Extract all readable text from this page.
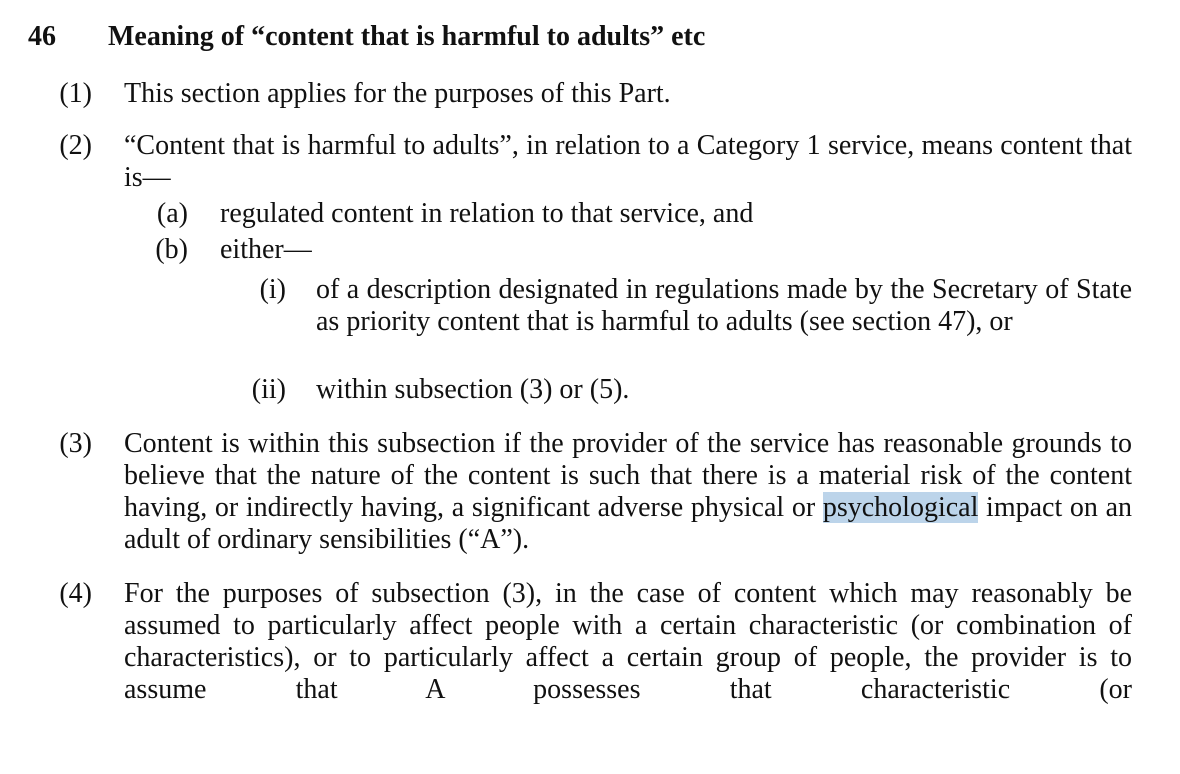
46 Meaning of “content that is harmful to adults” etc
(1) This section applies for the purposes of this Part.
(2) “Content that is harmful to adults”, in relation to a Category 1 service, means content that is—
(a) regulated content in relation to that service, and
(b) either—
(i) of a description designated in regulations made by the Secretary of State as priority content that is harmful to adults (see section 47), or
(ii) within subsection (3) or (5).
(3) Content is within this subsection if the provider of the service has reasonable grounds to believe that the nature of the content is such that there is a material risk of the content having, or indirectly having, a significant adverse physical or psychological impact on an adult of ordinary sensibilities (“A”).
(4) For the purposes of subsection (3), in the case of content which may reasonably be assumed to particularly affect people with a certain characteristic (or combination of characteristics), or to particularly affect a certain group of people, the provider is to assume that A possesses that characteristic (or
